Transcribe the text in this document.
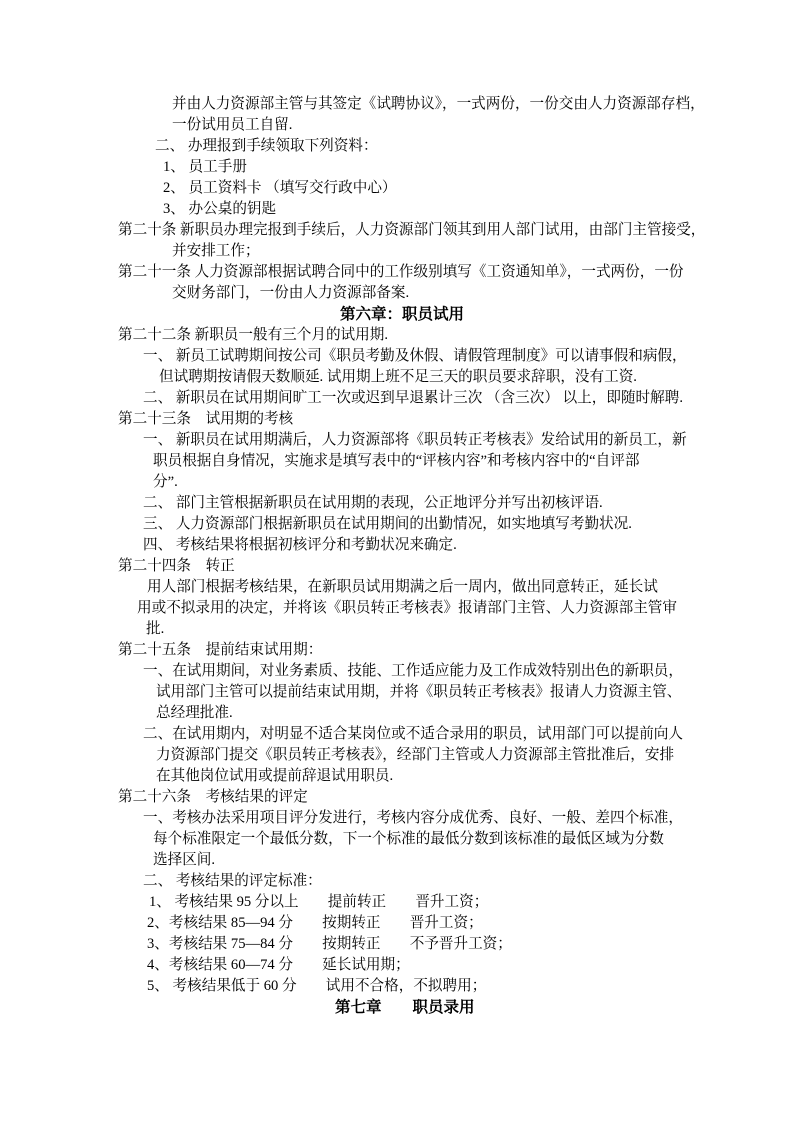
并由人力资源部主管与其签定《试聘协议》，一式两份，一份交由人力资源部存档，
一份试用员工自留.
二、 办理报到手续领取下列资料：
1、 员工手册
2、 员工资料卡 （填写交行政中心）
3、 办公桌的钥匙
第二十条 新职员办理完报到手续后，人力资源部门领其到用人部门试用，由部门主管接受，
并安排工作；
第二十一条 人力资源部根据试聘合同中的工作级别填写《工资通知单》，一式两份，一份
交财务部门，一份由人力资源部备案.
第六章：职员试用
第二十二条 新职员一般有三个月的试用期.
一、 新员工试聘期间按公司《职员考勤及休假、请假管理制度》可以请事假和病假，
但试聘期按请假天数顺延. 试用期上班不足三天的职员要求辞职，没有工资.
二、 新职员在试用期间旷工一次或迟到早退累计三次 （含三次） 以上，即随时解聘.
第二十三条　试用期的考核
一、 新职员在试用期满后，人力资源部将《职员转正考核表》发给试用的新员工，新
职员根据自身情况，实施求是填写表中的“评核内容”和考核内容中的“自评部
分”.
二、 部门主管根据新职员在试用期的表现，公正地评分并写出初核评语.
三、 人力资源部门根据新职员在试用期间的出勤情况，如实地填写考勤状况.
四、 考核结果将根据初核评分和考勤状况来确定.
第二十四条　转正
用人部门根据考核结果，在新职员试用期满之后一周内，做出同意转正，延长试
用或不拟录用的决定，并将该《职员转正考核表》报请部门主管、人力资源部主管审
批.
第二十五条　提前结束试用期：
一、在试用期间，对业务素质、技能、工作适应能力及工作成效特别出色的新职员，
试用部门主管可以提前结束试用期，并将《职员转正考核表》报请人力资源主管、
总经理批准.
二、在试用期内，对明显不适合某岗位或不适合录用的职员，试用部门可以提前向人
力资源部门提交《职员转正考核表》，经部门主管或人力资源部主管批准后，安排
在其他岗位试用或提前辞退试用职员.
第二十六条　考核结果的评定
一、考核办法采用项目评分发进行，考核内容分成优秀、良好、一般、差四个标准，
每个标准限定一个最低分数，下一个标准的最低分数到该标准的最低区域为分数
选择区间.
二、 考核结果的评定标准：
1、 考核结果 95 分以上　　提前转正　　晋升工资；
2、考核结果 85—94 分　　按期转正　　晋升工资；
3、考核结果 75—84 分　　按期转正　　不予晋升工资；
4、考核结果 60—74 分　　延长试用期；
5、 考核结果低于 60 分　　试用不合格，不拟聘用；
第七章　　职员录用
